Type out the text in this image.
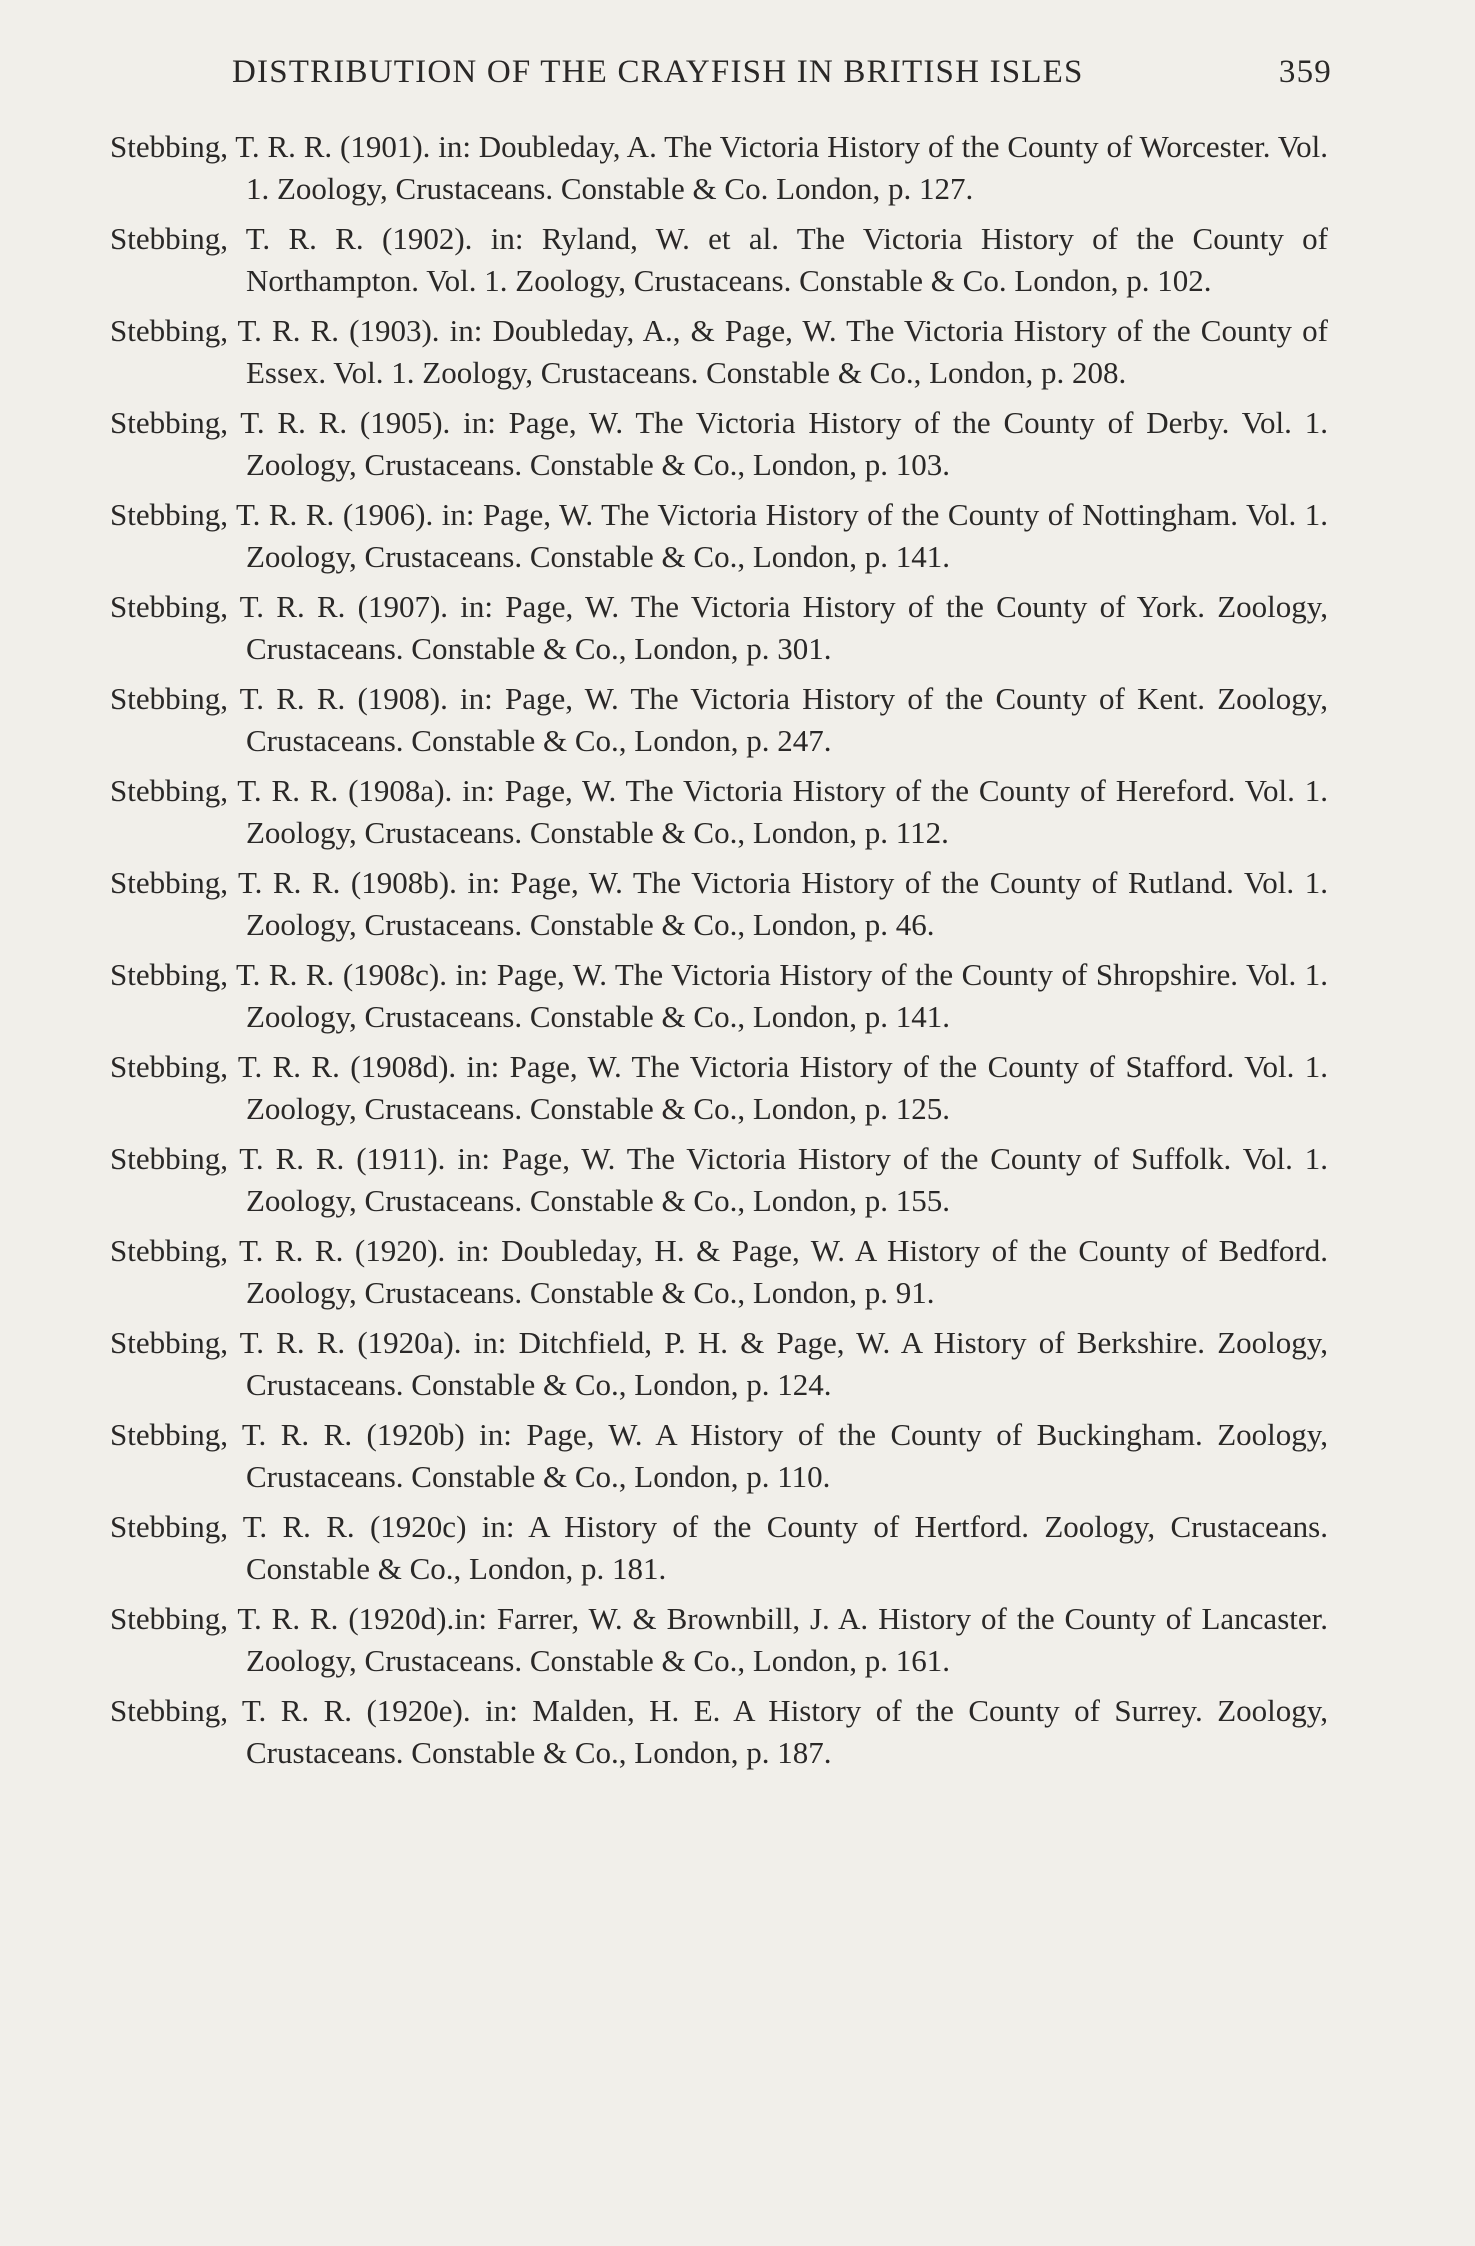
DISTRIBUTION OF THE CRAYFISH IN BRITISH ISLES	359

Stebbing, T. R. R. (1901). in: Doubleday, A. The Victoria History of the County of Worcester. Vol. 1. Zoology, Crustaceans. Constable & Co. London, p. 127.

Stebbing, T. R. R. (1902). in: Ryland, W. et al. The Victoria History of the County of Northampton. Vol. 1. Zoology, Crustaceans. Constable & Co. London, p. 102.

Stebbing, T. R. R. (1903). in: Doubleday, A., & Page, W. The Victoria History of the County of Essex. Vol. 1. Zoology, Crustaceans. Constable & Co., London, p. 208.

Stebbing, T. R. R. (1905). in: Page, W. The Victoria History of the County of Derby. Vol. 1. Zoology, Crustaceans. Constable & Co., London, p. 103.

Stebbing, T. R. R. (1906). in: Page, W. The Victoria History of the County of Nottingham. Vol. 1. Zoology, Crustaceans. Constable & Co., London, p. 141.

Stebbing, T. R. R. (1907). in: Page, W. The Victoria History of the County of York. Zoology, Crustaceans. Constable & Co., London, p. 301.

Stebbing, T. R. R. (1908). in: Page, W. The Victoria History of the County of Kent. Zoology, Crustaceans. Constable & Co., London, p. 247.

Stebbing, T. R. R. (1908a). in: Page, W. The Victoria History of the County of Hereford. Vol. 1. Zoology, Crustaceans. Constable & Co., London, p. 112.

Stebbing, T. R. R. (1908b). in: Page, W. The Victoria History of the County of Rutland. Vol. 1. Zoology, Crustaceans. Constable & Co., London, p. 46.

Stebbing, T. R. R. (1908c). in: Page, W. The Victoria History of the County of Shropshire. Vol. 1. Zoology, Crustaceans. Constable & Co., London, p. 141.

Stebbing, T. R. R. (1908d). in: Page, W. The Victoria History of the County of Stafford. Vol. 1. Zoology, Crustaceans. Constable & Co., London, p. 125.

Stebbing, T. R. R. (1911). in: Page, W. The Victoria History of the County of Suffolk. Vol. 1. Zoology, Crustaceans. Constable & Co., London, p. 155.

Stebbing, T. R. R. (1920). in: Doubleday, H. & Page, W. A History of the County of Bedford. Zoology, Crustaceans. Constable & Co., London, p. 91.

Stebbing, T. R. R. (1920a). in: Ditchfield, P. H. & Page, W. A History of Berkshire. Zoology, Crustaceans. Constable & Co., London, p. 124.

Stebbing, T. R. R. (1920b) in: Page, W. A History of the County of Buckingham. Zoology, Crustaceans. Constable & Co., London, p. 110.

Stebbing, T. R. R. (1920c) in: A History of the County of Hertford. Zoology, Crustaceans. Constable & Co., London, p. 181.

Stebbing, T. R. R. (1920d).in: Farrer, W. & Brownbill, J. A. History of the County of Lancaster. Zoology, Crustaceans. Constable & Co., London, p. 161.

Stebbing, T. R. R. (1920e). in: Malden, H. E. A History of the County of Surrey. Zoology, Crustaceans. Constable & Co., London, p. 187.
